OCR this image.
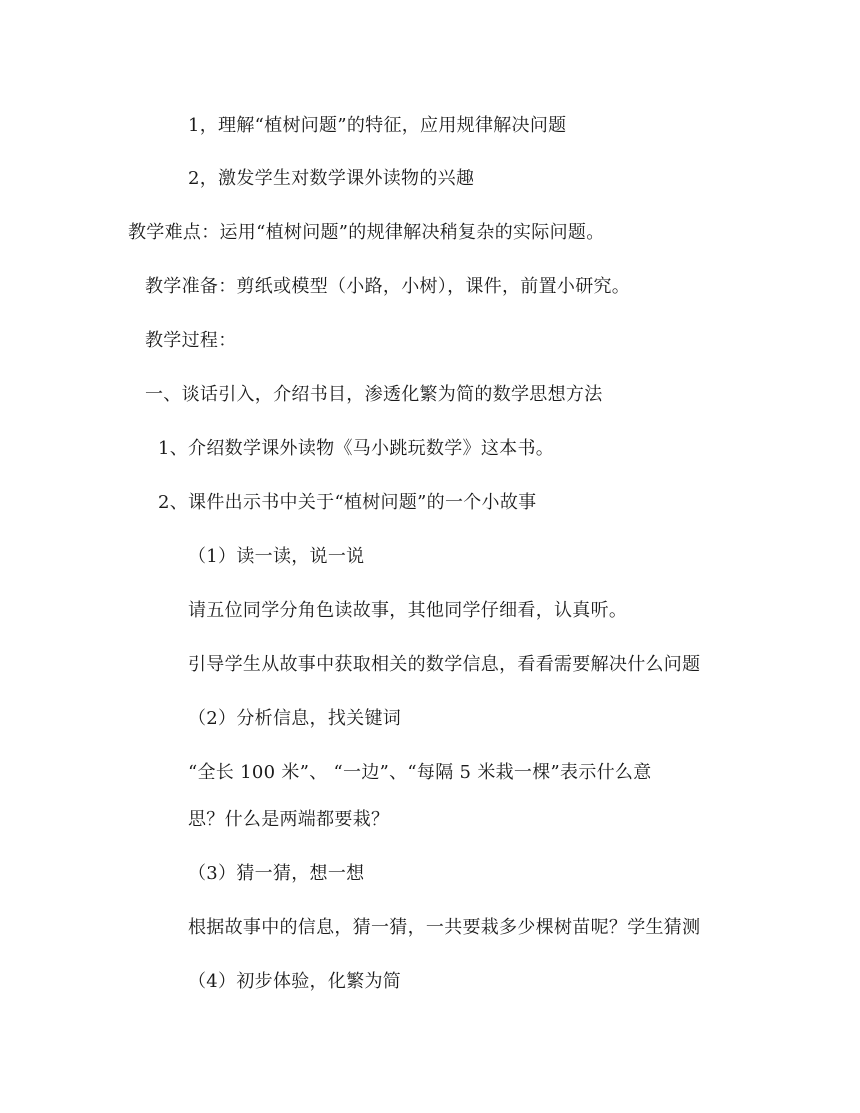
1，理解“植树问题”的特征，应用规律解决问题
2，激发学生对数学课外读物的兴趣
教学难点：运用“植树问题”的规律解决稍复杂的实际问题。
教学准备：剪纸或模型（小路，小树），课件，前置小研究。
教学过程：
一、谈话引入，介绍书目，渗透化繁为简的数学思想方法
1、介绍数学课外读物《马小跳玩数学》这本书。
2、课件出示书中关于“植树问题”的一个小故事
（1）读一读，说一说
请五位同学分角色读故事，其他同学仔细看，认真听。
引导学生从故事中获取相关的数学信息，看看需要解决什么问题
（2）分析信息，找关键词
“全长 100 米”、 “一边”、“每隔 5 米栽一棵”表示什么意
思？什么是两端都要栽？
（3）猜一猜，想一想
根据故事中的信息，猜一猜，一共要栽多少棵树苗呢？学生猜测
（4）初步体验，化繁为简
